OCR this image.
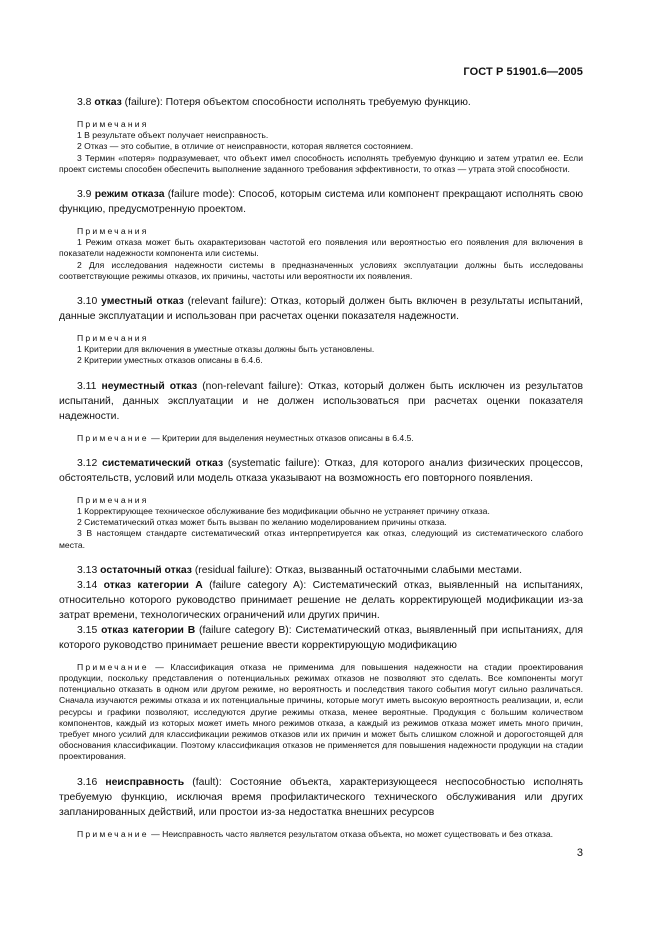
ГОСТ Р 51901.6—2005

3.8 отказ (failure): Потеря объектом способности исполнять требуемую функцию.

Примечания

1 В результате объект получает неисправность.

2 Отказ — это событие, в отличие от неисправности, которая является состоянием.

3 Термин «потеря» подразумевает, что объект имел способность исполнять требуемую функцию и затем утратил ее. Если проект системы способен обеспечить выполнение заданного требования эффективности, то отказ — утрата этой способности.

3.9 режим отказа (failure mode): Способ, которым система или компонент прекращают исполнять свою функцию, предусмотренную проектом.

Примечания

1 Режим отказа может быть охарактеризован частотой его появления или вероятностью его появления для включения в показатели надежности компонента или системы.

2 Для исследования надежности системы в предназначенных условиях эксплуатации должны быть исследованы соответствующие режимы отказов, их причины, частоты или вероятности их появления.

3.10 уместный отказ (relevant failure): Отказ, который должен быть включен в результаты испытаний, данные эксплуатации и использован при расчетах оценки показателя надежности.

Примечания

1 Критерии для включения в уместные отказы должны быть установлены.

2 Критерии уместных отказов описаны в 6.4.6.

3.11 неуместный отказ (non-relevant failure): Отказ, который должен быть исключен из результатов испытаний, данных эксплуатации и не должен использоваться при расчетах оценки показателя надежности.

Примечание — Критерии для выделения неуместных отказов описаны в 6.4.5.

3.12 систематический отказ (systematic failure): Отказ, для которого анализ физических процессов, обстоятельств, условий или модель отказа указывают на возможность его повторного появления.

Примечания

1 Корректирующее техническое обслуживание без модификации обычно не устраняет причину отказа.

2 Систематический отказ может быть вызван по желанию моделированием причины отказа.

3 В настоящем стандарте систематический отказ интерпретируется как отказ, следующий из систематического слабого места.

3.13 остаточный отказ (residual failure): Отказ, вызванный остаточными слабыми местами.

3.14 отказ категории А (failure category A): Систематический отказ, выявленный на испытаниях, относительно которого руководство принимает решение не делать корректирующей модификации из-за затрат времени, технологических ограничений или других причин.

3.15 отказ категории В (failure category B): Систематический отказ, выявленный при испытаниях, для которого руководство принимает решение ввести корректирующую модификацию

Примечание — Классификация отказа не применима для повышения надежности на стадии проектирования продукции, поскольку представления о потенциальных режимах отказов не позволяют это сделать. Все компоненты могут потенциально отказать в одном или другом режиме, но вероятность и последствия такого события могут сильно различаться. Сначала изучаются режимы отказа и их потенциальные причины, которые могут иметь высокую вероятность реализации, и, если ресурсы и графики позволяют, исследуются другие режимы отказа, менее вероятные. Продукция с большим количеством компонентов, каждый из которых может иметь много режимов отказа, а каждый из режимов отказа может иметь много причин, требует много усилий для классификации режимов отказов или их причин и может быть слишком сложной и дорогостоящей для обоснования классификации. Поэтому классификация отказов не применяется для повышения надежности продукции на стадии проектирования.

3.16 неисправность (fault): Состояние объекта, характеризующееся неспособностью исполнять требуемую функцию, исключая время профилактического технического обслуживания или других запланированных действий, или простои из-за недостатка внешних ресурсов

Примечание — Неисправность часто является результатом отказа объекта, но может существовать и без отказа.

3
